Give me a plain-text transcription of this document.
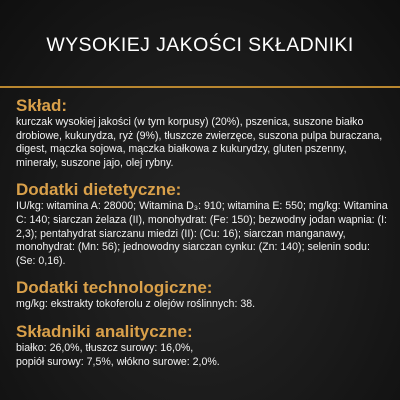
WYSOKIEJ JAKOŚCI SKŁADNIKI
Skład:

kurczak wysokiej jakości (w tym korpusy) (20%), pszenica, suszone białko drobiowe, kukurydza, ryż (9%), tłuszcze zwierzęce, suszona pulpa buraczana, digest, mączka sojowa, mączka białkowa z kukurydzy, gluten pszenny, minerały, suszone jajo, olej rybny.

Dodatki dietetyczne:

IU/kg: witamina A: 28000; Witamina D₃: 910; witamina E: 550; mg/kg: Witamina C: 140; siarczan żelaza (II), monohydrat: (Fe: 150); bezwodny jodan wapnia: (I: 2,3); pentahydrat siarczanu miedzi (II): (Cu: 16); siarczan manganawy, monohydrat: (Mn: 56); jednowodny siarczan cynku: (Zn: 140); selenin sodu: (Se: 0,16).

Dodatki technologiczne:

mg/kg: ekstrakty tokoferolu z olejów roślinnych: 38.

Składniki analityczne:

białko: 26,0%, tłuszcz surowy: 16,0%,
popiół surowy: 7,5%, włókno surowe: 2,0%.
